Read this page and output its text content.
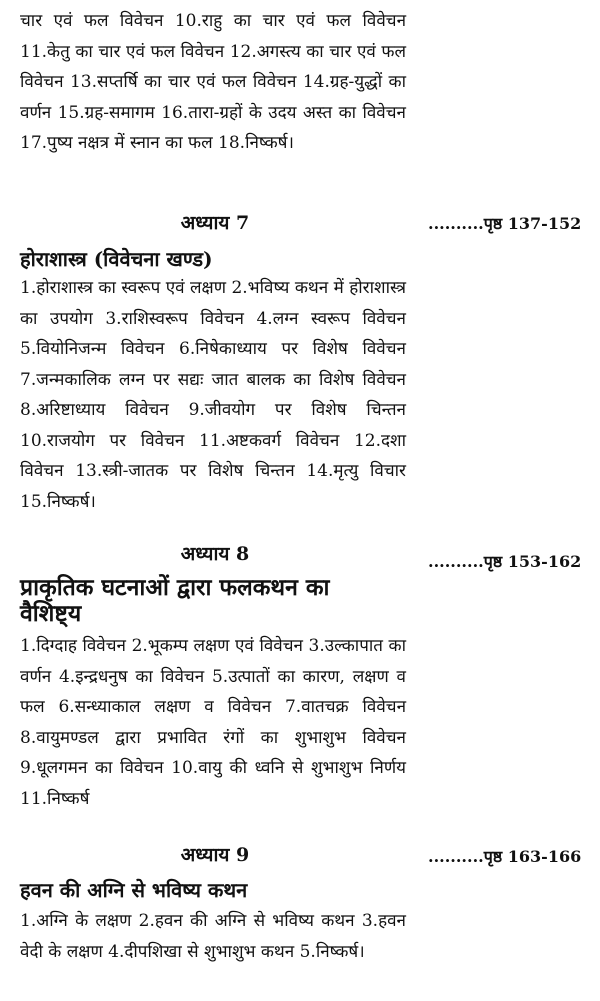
चार एवं फल विवेचन 10.राहु का चार एवं फल विवेचन 11.केतु का चार एवं फल विवेचन 12.अगस्त्य का चार एवं फल विवेचन 13.सप्तर्षि का चार एवं फल विवेचन 14.ग्रह-युद्धों का वर्णन 15.ग्रह-समागम 16.तारा-ग्रहों के उदय अस्त का विवेचन 17.पुष्य नक्षत्र में स्नान का फल 18.निष्कर्ष।
अध्याय 7	..........पृष्ठ 137-152
होराशास्त्र (विवेचना खण्ड)
1.होराशास्त्र का स्वरूप एवं लक्षण 2.भविष्य कथन में होराशास्त्र का उपयोग 3.राशिस्वरूप विवेचन 4.लग्न स्वरूप विवेचन 5.वियोनिजन्म विवेचन 6.निषेकाध्याय पर विशेष विवेचन 7.जन्मकालिक लग्न पर सद्यः जात बालक का विशेष विवेचन 8.अरिष्टाध्याय विवेचन 9.जीवयोग पर विशेष चिन्तन 10.राजयोग पर विवेचन 11.अष्टकवर्ग विवेचन 12.दशा विवेचन 13.स्त्री-जातक पर विशेष चिन्तन 14.मृत्यु विचार 15.निष्कर्ष।
अध्याय 8	..........पृष्ठ 153-162
प्राकृतिक घटनाओं द्वारा फलकथन का वैशिष्ट्य
1.दिग्दाह विवेचन 2.भूकम्प लक्षण एवं विवेचन 3.उल्कापात का वर्णन 4.इन्द्रधनुष का विवेचन 5.उत्पातों का कारण, लक्षण व फल 6.सन्ध्याकाल लक्षण व विवेचन 7.वातचक्र विवेचन 8.वायुमण्डल द्वारा प्रभावित रंगों का शुभाशुभ विवेचन 9.धूलगमन का विवेचन 10.वायु की ध्वनि से शुभाशुभ निर्णय 11.निष्कर्ष
अध्याय 9	..........पृष्ठ 163-166
हवन की अग्नि से भविष्य कथन
1.अग्नि के लक्षण 2.हवन की अग्नि से भविष्य कथन 3.हवन वेदी के लक्षण 4.दीपशिखा से शुभाशुभ कथन 5.निष्कर्ष।
